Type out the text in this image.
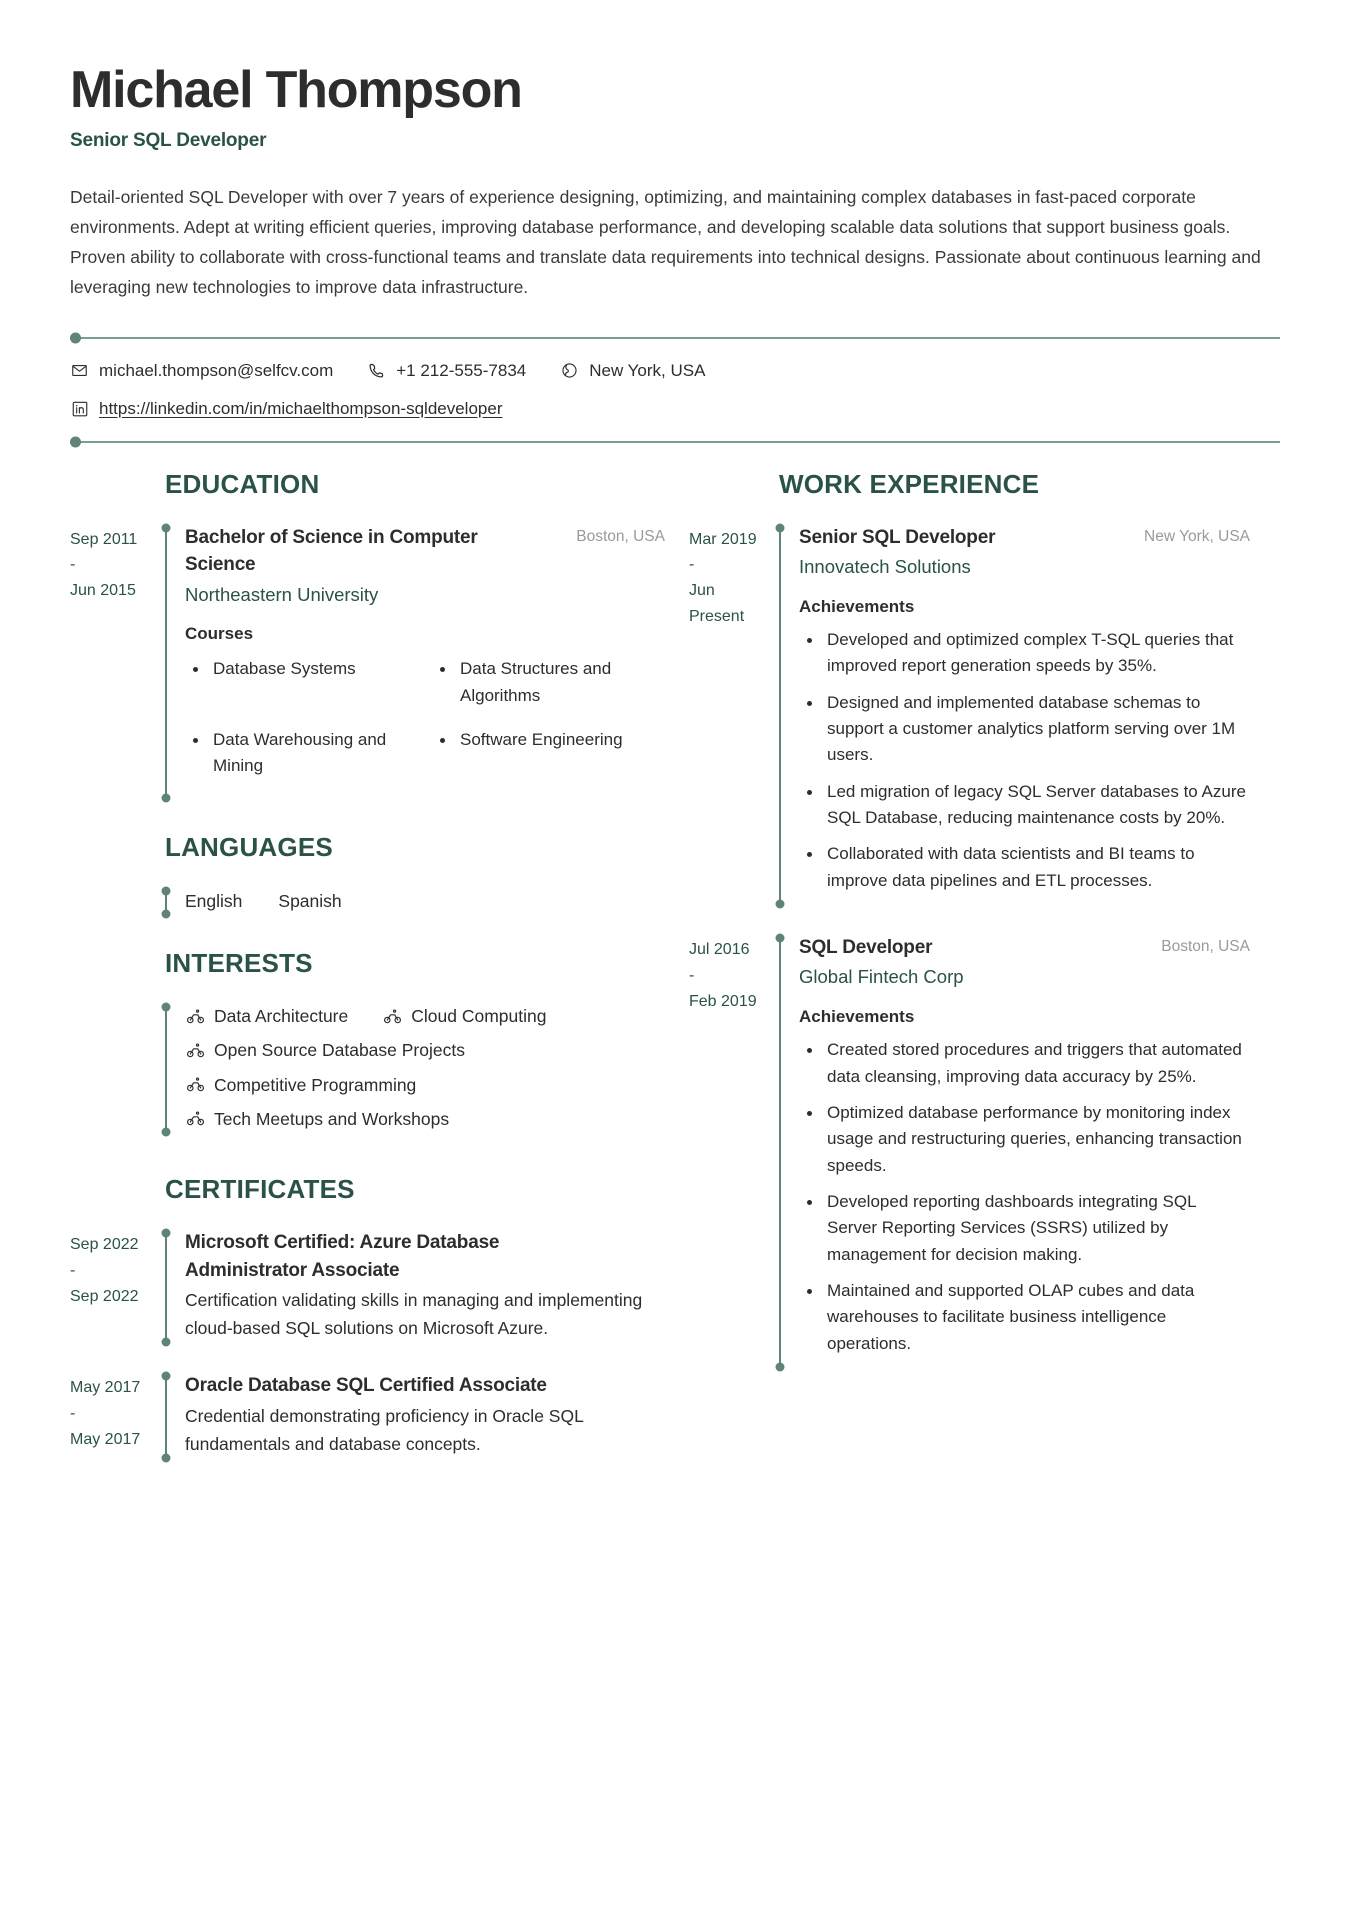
Michael Thompson
Senior SQL Developer

Detail-oriented SQL Developer with over 7 years of experience designing, optimizing, and maintaining complex databases in fast-paced corporate environments. Adept at writing efficient queries, improving database performance, and developing scalable data solutions that support business goals. Proven ability to collaborate with cross-functional teams and translate data requirements into technical designs. Passionate about continuous learning and leveraging new technologies to improve data infrastructure.

michael.thompson@selfcv.com	+1 212-555-7834	New York, USA
https://linkedin.com/in/michaelthompson-sqldeveloper
EDUCATION
Sep 2011
-
Jun 2015
Bachelor of Science in Computer Science
Boston, USA
Northeastern University
Courses
Database Systems	Data Structures and Algorithms
Data Warehousing and Mining
Software Engineering
LANGUAGES
English Spanish
INTERESTS
Data Architecture	Cloud Computing
Open Source Database Projects
Competitive Programming
Tech Meetups and Workshops
CERTIFICATES
Sep 2022
-
Sep 2022
Microsoft Certified: Azure Database Administrator Associate
Certification validating skills in managing and implementing cloud-based SQL solutions on Microsoft Azure.
May 2017
-
May 2017
Oracle Database SQL Certified Associate
Credential demonstrating proficiency in Oracle SQL fundamentals and database concepts.
WORK EXPERIENCE
Mar 2019
-
Jun
Present
Senior SQL Developer	New York, USA
Innovatech Solutions
Achievements
Developed and optimized complex T-SQL queries that improved report generation speeds by 35%.
Designed and implemented database schemas to support a customer analytics platform serving over 1M users.
Led migration of legacy SQL Server databases to Azure SQL Database, reducing maintenance costs by 20%.
Collaborated with data scientists and BI teams to improve data pipelines and ETL processes.
Jul 2016
-
Feb 2019
SQL Developer	Boston, USA
Global Fintech Corp
Achievements
Created stored procedures and triggers that automated data cleansing, improving data accuracy by 25%.
Optimized database performance by monitoring index usage and restructuring queries, enhancing transaction speeds.
Developed reporting dashboards integrating SQL Server Reporting Services (SSRS) utilized by management for decision making.
Maintained and supported OLAP cubes and data warehouses to facilitate business intelligence operations.
